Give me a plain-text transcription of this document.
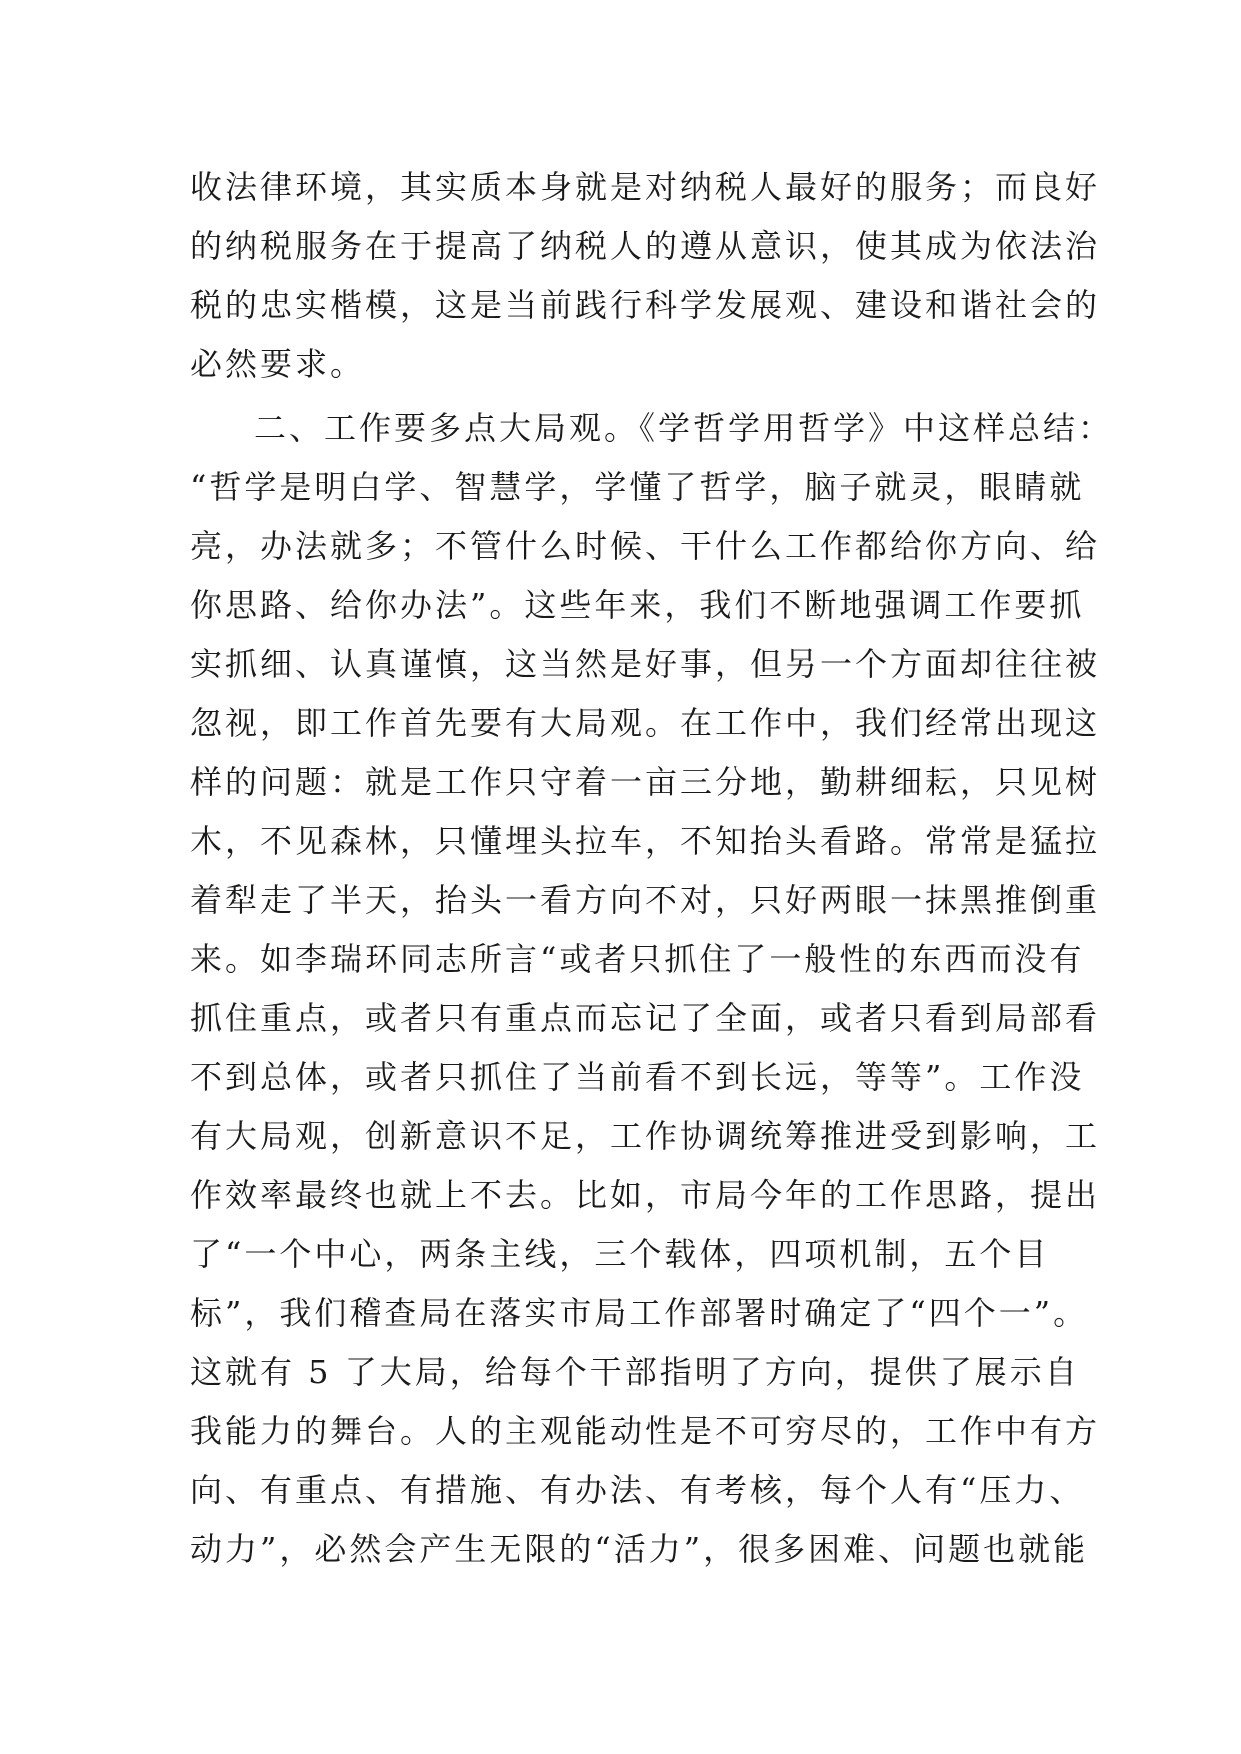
收法律环境，其实质本身就是对纳税人最好的服务；而良好
的纳税服务在于提高了纳税人的遵从意识，使其成为依法治
税的忠实楷模，这是当前践行科学发展观、建设和谐社会的
必然要求。
二、工作要多点大局观。《学哲学用哲学》中这样总结：
“哲学是明白学、智慧学，学懂了哲学，脑子就灵，眼睛就
亮，办法就多；不管什么时候、干什么工作都给你方向、给
你思路、给你办法”。这些年来，我们不断地强调工作要抓
实抓细、认真谨慎，这当然是好事，但另一个方面却往往被
忽视，即工作首先要有大局观。在工作中，我们经常出现这
样的问题：就是工作只守着一亩三分地，勤耕细耘，只见树
木，不见森林，只懂埋头拉车，不知抬头看路。常常是猛拉
着犁走了半天，抬头一看方向不对，只好两眼一抹黑推倒重
来。如李瑞环同志所言“或者只抓住了一般性的东西而没有
抓住重点，或者只有重点而忘记了全面，或者只看到局部看
不到总体，或者只抓住了当前看不到长远，等等”。工作没
有大局观，创新意识不足，工作协调统筹推进受到影响，工
作效率最终也就上不去。比如，市局今年的工作思路，提出
了“一个中心，两条主线，三个载体，四项机制，五个目
标”，我们稽查局在落实市局工作部署时确定了“四个一”。
这就有 5 了大局，给每个干部指明了方向，提供了展示自
我能力的舞台。人的主观能动性是不可穷尽的，工作中有方
向、有重点、有措施、有办法、有考核，每个人有“压力、
动力”，必然会产生无限的“活力”，很多困难、问题也就能
